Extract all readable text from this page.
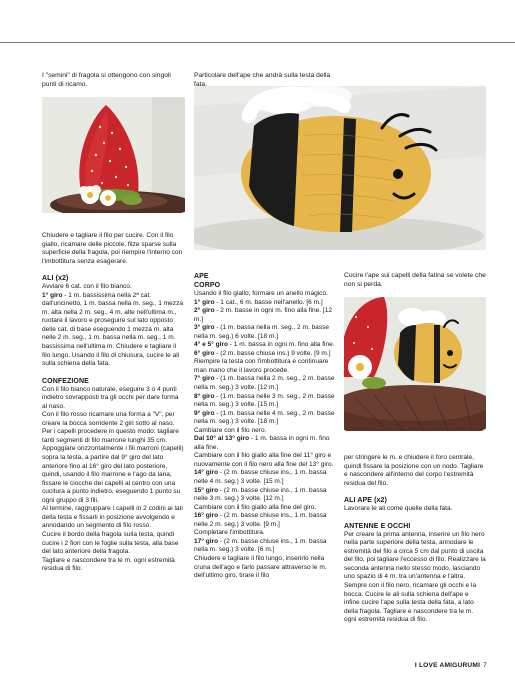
I "semini" di fragola si ottengono con singoli punti di ricamo.

Chiudere e tagliare il filo per cucire. Con il filo giallo, ricamare delle piccole, filze sparse sulla superficie della fragola, poi riempire l'interno con l'imbottitura senza esagerare.

ALI (x2)

Avviare 6 cat. con il filo bianco.

1° giro - 1 m. bassissima nella 2ª cat. dall'uncinetto, 1 m. bassa nella m. seg., 1 mezza m. alta nella 2 m. seg., 4 m. alte nell'ultima m., ruotare il lavoro e proseguire sul lato opposto delle cat. di base eseguendo 1 mezza m. alta nelle 2 m. seg., 1 m. bassa nella m. seg., 1 m. bassissima nell'ultima m. Chiudere e tagliare il filo lungo. Usando il filo di chiusura, cucire le ali sulla schiena della fata.

CONFEZIONE

Con il filo bianco naturale, eseguire 3 o 4 punti indietro sovrapposti tra gli occhi per dare forma al naso.

Con il filo rosso ricamare una forma a "V", per creare la bocca sorridente 2 giri sotto al naso. Per i capelli procedere in questo modo: tagliare tanti segmenti di filo marrone lunghi 35 cm.

Appoggiare orizzontalmente i fili marroni (capelli) sopra la testa, a partire dal 9° giro del lato anteriore fino al 16° giro del lato posteriore, quindi, usando il filo marrone e l'ago da lana, fissare le ciocche dei capelli al centro con una cucitura a punto indietro, eseguendo 1 punto su ogni gruppo di 3 fili.

Al termine, raggruppare i capelli in 2 codini ai lati della testa e fissarli in posizione avvolgendo e annodando un segmento di filo rosso.

Cucire il bordo della fragola sulla testa, quindi cucire i 2 fiori con le foglie sulla testa, alla base del lato anteriore della fragola.

Tagliare e nascondere tra le m. ogni estremità residua di filo.

Particolare dell'ape che andrà sulla testa della fata.

APE

CORPO

Usando il filo giallo, formare un anello magico.

1° giro - 1 cat., 6 m. basse nell'anello. [6 m.]

2° giro - 2 m. basse in ogni m. fino alla fine. [12 m.]

3° giro - (1 m. bassa nella m. seg., 2 m. basse nella m. seg.) 6 volte. [18 m.]

4° e 5° giro - 1 m. bassa in ogni m. fino alla fine.

6° giro - (2 m. basse chiuse ins.) 9 volte. [9 m.]

Riempire la testa con l'imbottitura e continuare man mano che il lavoro procede.

7° giro - (1 m. bassa nella 2 m. seg., 2 m. basse nella m. seg.) 3 volte. [12 m.]

8° giro - (1 m. bassa nelle 3 m. seg., 2 m. basse nella m. seg.) 3 volte. [15 m.]

9° giro - (1 m. bassa nelle 4 m. seg., 2 m. basse nella m. seg.) 3 volte. [18 m.]

Cambiare con il filo nero.

Dal 10° al 13° giro - 1 m. bassa in ogni m. fino alla fine.

Cambiare con il filo giallo alla fine del 11° giro e nuovamente con il filo nero alla fine del 13° giro.

14° giro - (2 m. basse chiuse ins., 1 m. bassa nelle 4 m. seg.) 3 volte. [15 m.]

15° giro - (2 m. basse chiuse ins., 1 m. bassa nelle 3 m. seg.) 3 volte. [12 m.]

Cambiare con il filo giallo alla fine del giro.

16° giro - (2 m. basse chiuse ins., 1 m. bassa nelle 2 m. seg.) 3 volte. [9 m.]

Completare l'imbottitura.

17° giro - (2 m. basse chiuse ins., 1 m. bassa nella m. seg.) 3 volte. [6 m.]

Chiudere e tagliare il filo lungo, inserirlo nella cruna dell'ago e farlo passare attraverso le m. dell'ultimo giro, tirare il filo

Cucire l'ape sui capelli della fatina se volete che non si perda.

per stringere le m. e chiudere il foro centrale, quindi fissare la posizione con un nodo. Tagliare e nascondere all'interno del corpo l'estremità residua del filo.

ALI APE (x2)

Lavorare le ali come quelle della fata.

ANTENNE E OCCHI

Per creare la prima antenna, inserire un filo nero nella parte superiore della testa, annodare le estremità del filo a circa 5 cm dal punto di uscita del filo, poi tagliare l'eccesso di filo. Realizzare la seconda antenna nello stesso modo, lasciando uno spazio di 4 m. tra un'antenna e l'altra. Sempre con il filo nero, ricamare gli occhi e la bocca. Cucire le ali sulla schiena dell'ape e infine cucire l'ape sulla testa della fata, a lato della fragola. Tagliare e nascondere tra le m. ogni estremità residua di filo.

I LOVE AMIGURUMI 7
